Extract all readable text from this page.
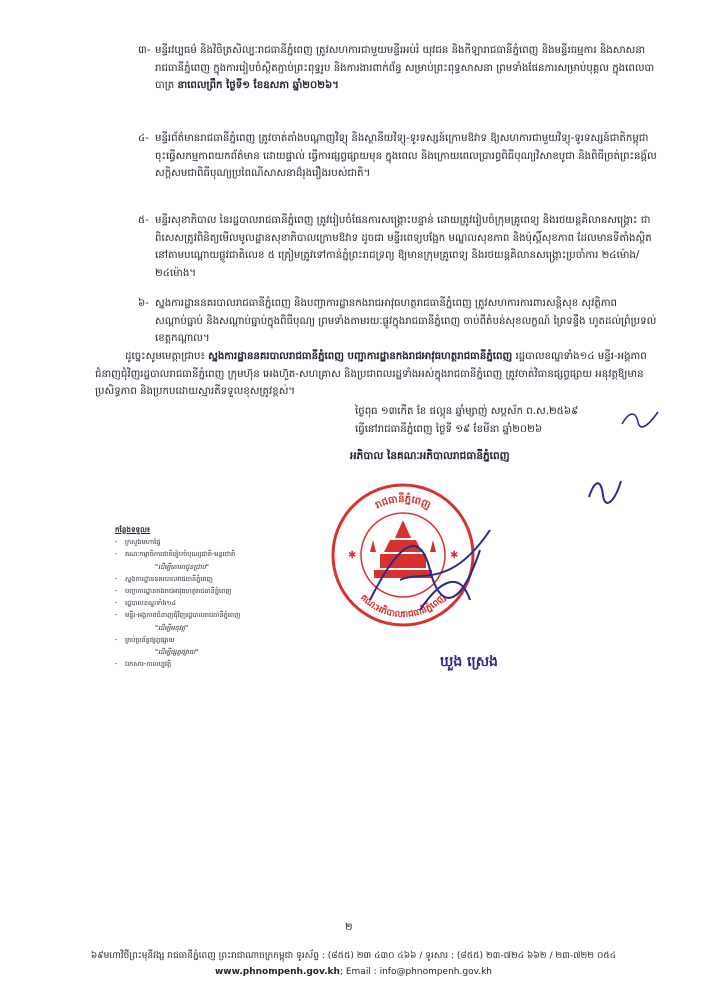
៣- មន្ទីរវប្បធម៌ និងវិចិត្រសិល្បៈរាជធានីភ្នំពេញ ត្រូវសហការជាមួយមន្ទីរអប់រំ យុវជន និងកីឡារាជធានីភ្នំពេញ និងមន្ទីរធម្មការ និងសាសនារាជធានីភ្នំពេញ ក្នុងការរៀបចំស្ថិតភ្ជាប់ព្រះពុទ្ធរូប និងការងារពាក់ព័ន្ធ សម្រាប់ព្រះពុទ្ធសាសនា ព្រមទាំងផែនការសម្រាប់បុគ្គល ក្នុងពេលបាបាត្រ នាពេលព្រឹក ថ្ងៃទី១ ខែឧសភា ឆ្នាំ២០២៦។
៤- មន្ទីរព័ត៌មានរាជធានីភ្នំពេញ ត្រូវចាត់តាំងបណ្តាញវិទ្យុ និងស្ថានីយវិទ្យុ-ទូរទស្សន៍ក្រោមឱវាទ ឱ្យសហការជាមួយវិទ្យុ-ទូរទស្សន៍ជាតិកម្ពុជា ចុះធ្វើសកម្មភាពយកព័ត៌មាន ដោយផ្ទាល់ ធ្វើការផ្សព្វផ្សាយមុន ក្នុងពេល និងក្រោយពេលប្រារព្ធពិធីបុណ្យវិសាខបូជា និងពិធីច្រត់ព្រះនង្គ័ល សក្តិសមជាពិធីបុណ្យប្រពៃណីសាសនាដ៏រុងរឿងរបស់ជាតិ។
៥- មន្ទីរសុខាភិបាល នៃរដ្ឋបាលរាជធានីភ្នំពេញ ត្រូវរៀបចំផែនការសង្គ្រោះបន្ទាន់ ដោយត្រូវរៀបចំក្រុមគ្រូពេទ្យ និងរថយន្តគិលានសង្គ្រោះ ជាពិសេសត្រូវពិនិត្យមើលមូលដ្ឋានសុខាភិបាលក្រោមឱវាទ ដូចជា មន្ទីរពេទ្យបង្អែក មណ្ឌលសុខភាព និងប៉ុស្តិ៍សុខភាព ដែលមានទីតាំងស្ថិតនៅតាមបណ្តោយផ្លូវជាតិលេខ ៥ ត្រៀមត្រូវទៅកាន់ភ្នំព្រះរាជទ្រព្យ ឱ្យមានក្រុមគ្រូពេទ្យ និងរថយន្តគិលានសង្គ្រោះប្រចាំការ ២៤ម៉ោង/២៤ម៉ោង។
៦- ស្នងការដ្ឋាននគរបាលរាជធានីភ្នំពេញ និងបញ្ជាការដ្ឋានកងរាជអាវុធហត្ថរាជធានីភ្នំពេញ ត្រូវសហការការពារសន្តិសុខ សុវត្ថិភាព សណ្តាប់ធ្នាប់ និងសណ្តាប់ធ្នាប់ក្នុងពិធីបុណ្យ ព្រមទាំងតាមរយៈផ្លូវក្នុងរាជធានីភ្នំពេញ ចាប់ពីតំបន់សុខលក្ខណ៍ ព្រៃទន្ទឹង ហូតដល់ព្រំប្រទល់ខេត្តកណ្តាល។
ដូច្នេះសូមមេត្តាជ្រាប៖ ស្នងការដ្ឋាននគរបាលរាជធានីភ្នំពេញ បញ្ជាការដ្ឋានកងរាជអាវុធហត្ថរាជធានីភ្នំពេញ រដ្ឋបាលខណ្ឌទាំង១៤ មន្ទីរ-អង្គភាពជំនាញជុំវិញរដ្ឋបាលរាជធានីភ្នំពេញ ក្រុមហ៊ុន អេងហ៊ួត-សហគ្រាស និងប្រជាពលរដ្ឋទាំងអស់ក្នុងរាជធានីភ្នំពេញ ត្រូវចាត់វិធានផ្សព្វផ្សាយ អនុវត្តឱ្យមានប្រសិទ្ធភាព និងប្រកបដោយស្មារតីទទួលខុសត្រូវខ្ពស់។
ថ្ងៃពុធ ១៣កើត ខែ ផល្គុន ឆ្នាំម្សាញ់ សប្តស័ក ព.ស.២៥៦៩
ធ្វើនៅរាជធានីភ្នំពេញ ថ្ងៃទី ១៩ ខែមីនា ឆ្នាំ២០២៦
អភិបាល នៃគណៈអភិបាលរាជធានីភ្នំពេញ
រាជធានីភ្នំពេញ
គណៈអភិបាលរាជធានីភ្នំពេញ
✱	✱
ឃួង ស្រេង
កន្លែងទទួល៖
- ក្រសួងមហាផ្ទៃ
- គណៈកម្មាធិការជាតិរៀបចំបុណ្យជាតិ-អន្តរជាតិ
"ដើម្បីគោរពជូនជ្រាប"
- ស្នងការដ្ឋាននគរបាលរាជធានីភ្នំពេញ
- បញ្ជាការដ្ឋានកងរាជអាវុធហត្ថរាជធានីភ្នំពេញ
- រដ្ឋបាលខណ្ឌទាំង១៤
- មន្ទីរ-អង្គភាពជំនាញជុំវិញរដ្ឋបាលរាជធានីភ្នំពេញ
"ដើម្បីអនុវត្ត"
- គ្រប់ប្រព័ន្ធផ្សព្វផ្សាយ
"ដើម្បីផ្សព្វផ្សាយ"
- ឯកសារ-កាលប្បវត្តិ
២
៦៩មហាវិថីព្រះមុនីវង្ស រាជធានីភ្នំពេញ ព្រះរាជាណាចក្រកម្ពុជា ទូរស័ព្ទ : (៨៥៥) ២៣ ៤៣០ ៤៦៦ / ទូរសារ : (៨៥៥) ២៣-៧២៤ ៦៦២ / ២៣-៧២២ ០៥៤
www.phnompenh.gov.kh; Email : info@phnompenh.gov.kh
